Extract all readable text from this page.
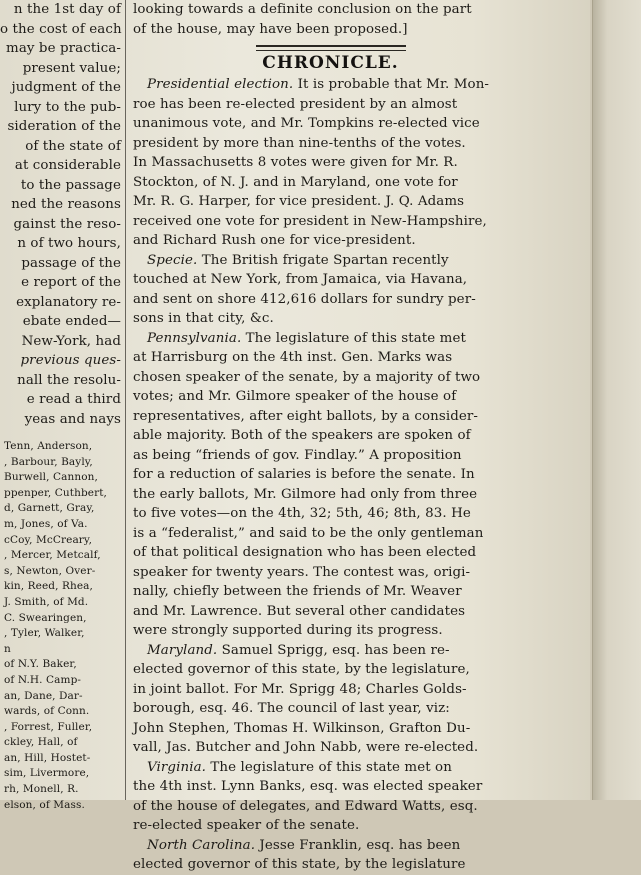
n the 1st day of
o the cost of each
may be practica-
present value;
judgment of the
lury to the pub-
sideration of the
of the state of
at considerable
to the passage
ned the reasons
gainst the reso-
n of two hours,
passage of the
e report of the
explanatory re-
ebate ended—
New-York, had
previous ques-
nall the resolu-
e read a third
yeas and nays
Tenn, Anderson,
, Barbour, Bayly,
Burwell, Cannon,
ppenper, Cuthbert,
d, Garnett, Gray,
m, Jones, of Va.
cCoy, McCreary,
, Mercer, Metcalf,
s, Newton, Over-
kin, Reed, Rhea,
J. Smith, of Md.
C. Swearingen,
, Tyler, Walker,
n
of N.Y. Baker,
of N.H. Camp-
an, Dane, Dar-
wards, of Conn.
, Forrest, Fuller,
ckley, Hall, of
an, Hill, Hostet-
sim, Livermore,
rh, Monell, R.
elson, of Mass.
looking towards a definite conclusion on the part
of the house, may have been proposed.]
CHRONICLE.
Presidential election. It is probable that Mr. Mon-
roe has been re-elected president by an almost
unanimous vote, and Mr. Tompkins re-elected vice
president by more than nine-tenths of the votes.
In Massachusetts 8 votes were given for Mr. R.
Stockton, of N. J. and in Maryland, one vote for
Mr. R. G. Harper, for vice president. J. Q. Adams
received one vote for president in New-Hampshire,
and Richard Rush one for vice-president.
Specie. The British frigate Spartan recently
touched at New York, from Jamaica, via Havana,
and sent on shore 412,616 dollars for sundry per-
sons in that city, &c.
Pennsylvania. The legislature of this state met
at Harrisburg on the 4th inst. Gen. Marks was
chosen speaker of the senate, by a majority of two
votes; and Mr. Gilmore speaker of the house of
representatives, after eight ballots, by a consider-
able majority. Both of the speakers are spoken of
as being “friends of gov. Findlay.” A proposition
for a reduction of salaries is before the senate. In
the early ballots, Mr. Gilmore had only from three
to five votes—on the 4th, 32; 5th, 46; 8th, 83. He
is a “federalist,” and said to be the only gentleman
of that political designation who has been elected
speaker for twenty years. The contest was, origi-
nally, chiefly between the friends of Mr. Weaver
and Mr. Lawrence. But several other candidates
were strongly supported during its progress.
Maryland. Samuel Sprigg, esq. has been re-
elected governor of this state, by the legislature,
in joint ballot. For Mr. Sprigg 48; Charles Golds-
borough, esq. 46. The council of last year, viz:
John Stephen, Thomas H. Wilkinson, Grafton Du-
vall, Jas. Butcher and John Nabb, were re-elected.
Virginia. The legislature of this state met on
the 4th inst. Lynn Banks, esq. was elected speaker
of the house of delegates, and Edward Watts, esq.
re-elected speaker of the senate.
North Carolina. Jesse Franklin, esq. has been
elected governor of this state, by the legislature
